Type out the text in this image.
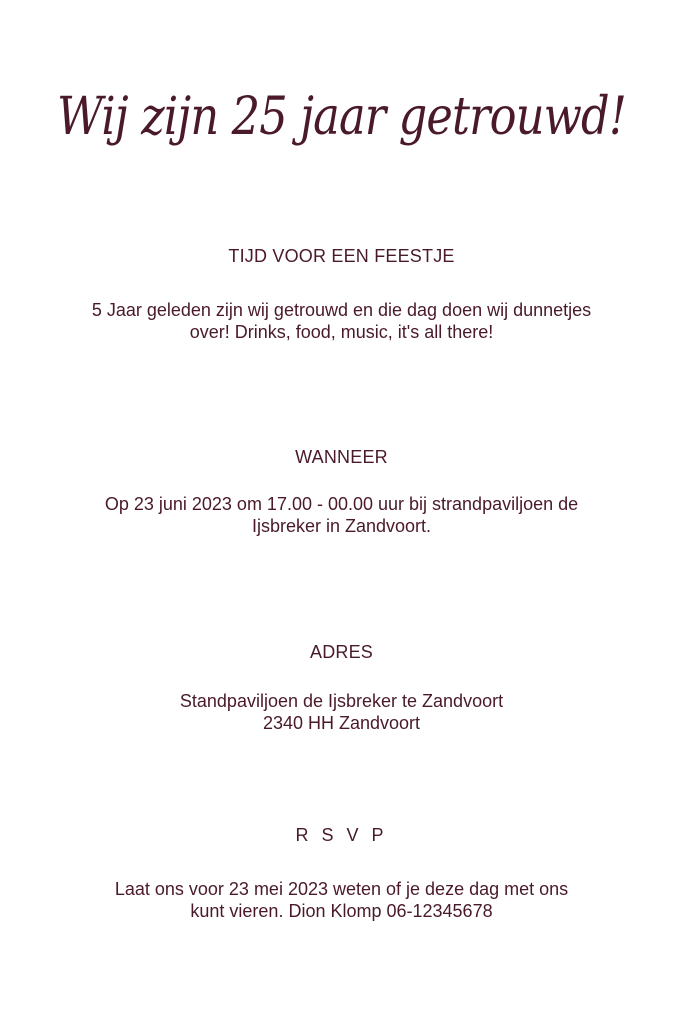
Wij zijn 25 jaar getrouwd!
TIJD VOOR EEN FEESTJE
5 Jaar geleden zijn wij getrouwd en die dag doen wij dunnetjes
over! Drinks, food, music, it's all there!
WANNEER
Op 23 juni 2023 om 17.00 - 00.00 uur bij strandpaviljoen de
Ijsbreker in Zandvoort.
ADRES
Standpaviljoen de Ijsbreker te Zandvoort
2340 HH Zandvoort
R S V P
Laat ons voor 23 mei 2023 weten of je deze dag met ons
kunt vieren. Dion Klomp 06-12345678
